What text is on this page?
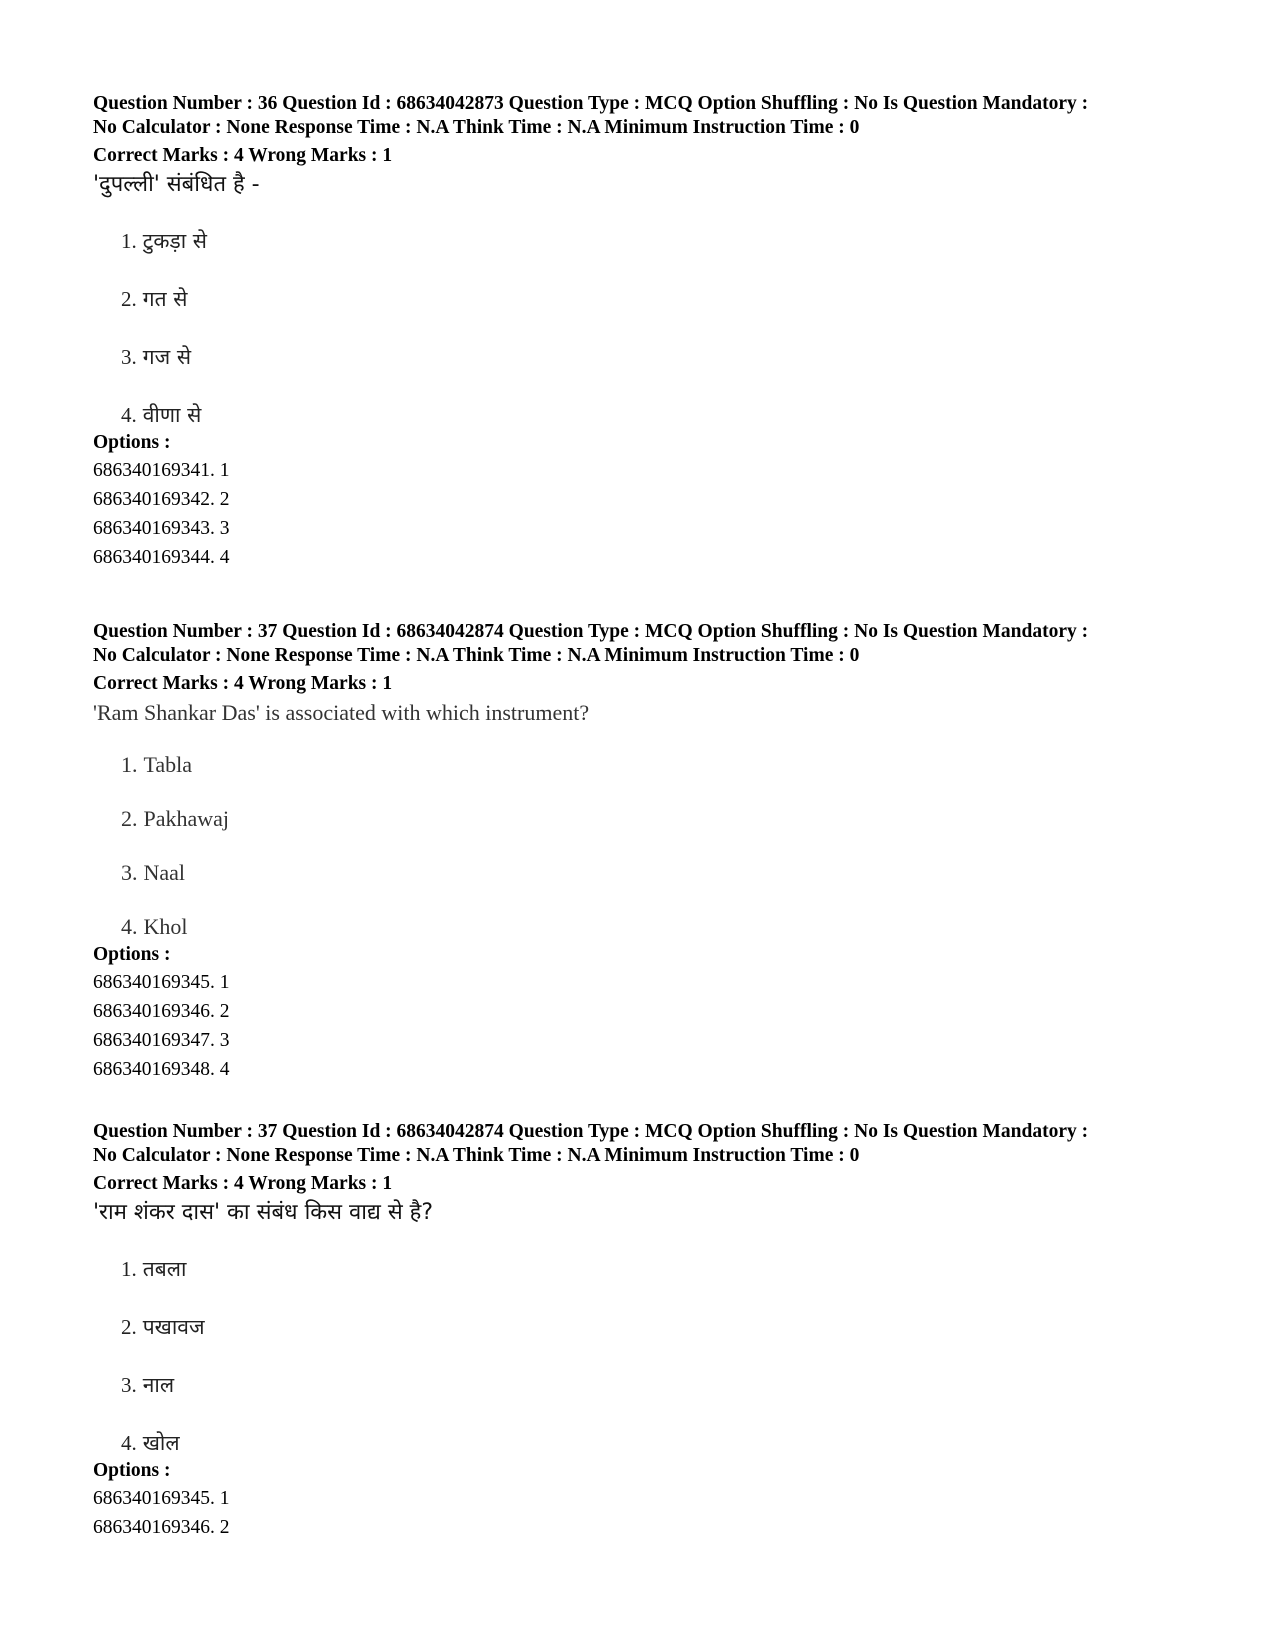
Question Number : 36 Question Id : 68634042873 Question Type : MCQ Option Shuffling : No Is Question Mandatory :
No Calculator : None Response Time : N.A Think Time : N.A Minimum Instruction Time : 0
Correct Marks : 4 Wrong Marks : 1
'दुपल्ली' संबंधित है -
1. टुकड़ा से
2. गत से
3. गज से
4. वीणा से
Options :
686340169341. 1
686340169342. 2
686340169343. 3
686340169344. 4
Question Number : 37 Question Id : 68634042874 Question Type : MCQ Option Shuffling : No Is Question Mandatory :
No Calculator : None Response Time : N.A Think Time : N.A Minimum Instruction Time : 0
Correct Marks : 4 Wrong Marks : 1
'Ram Shankar Das' is associated with which instrument?
1. Tabla
2. Pakhawaj
3. Naal
4. Khol
Options :
686340169345. 1
686340169346. 2
686340169347. 3
686340169348. 4
Question Number : 37 Question Id : 68634042874 Question Type : MCQ Option Shuffling : No Is Question Mandatory :
No Calculator : None Response Time : N.A Think Time : N.A Minimum Instruction Time : 0
Correct Marks : 4 Wrong Marks : 1
'राम शंकर दास' का संबंध किस वाद्य से है?
1. तबला
2. पखावज
3. नाल
4. खोल
Options :
686340169345. 1
686340169346. 2
